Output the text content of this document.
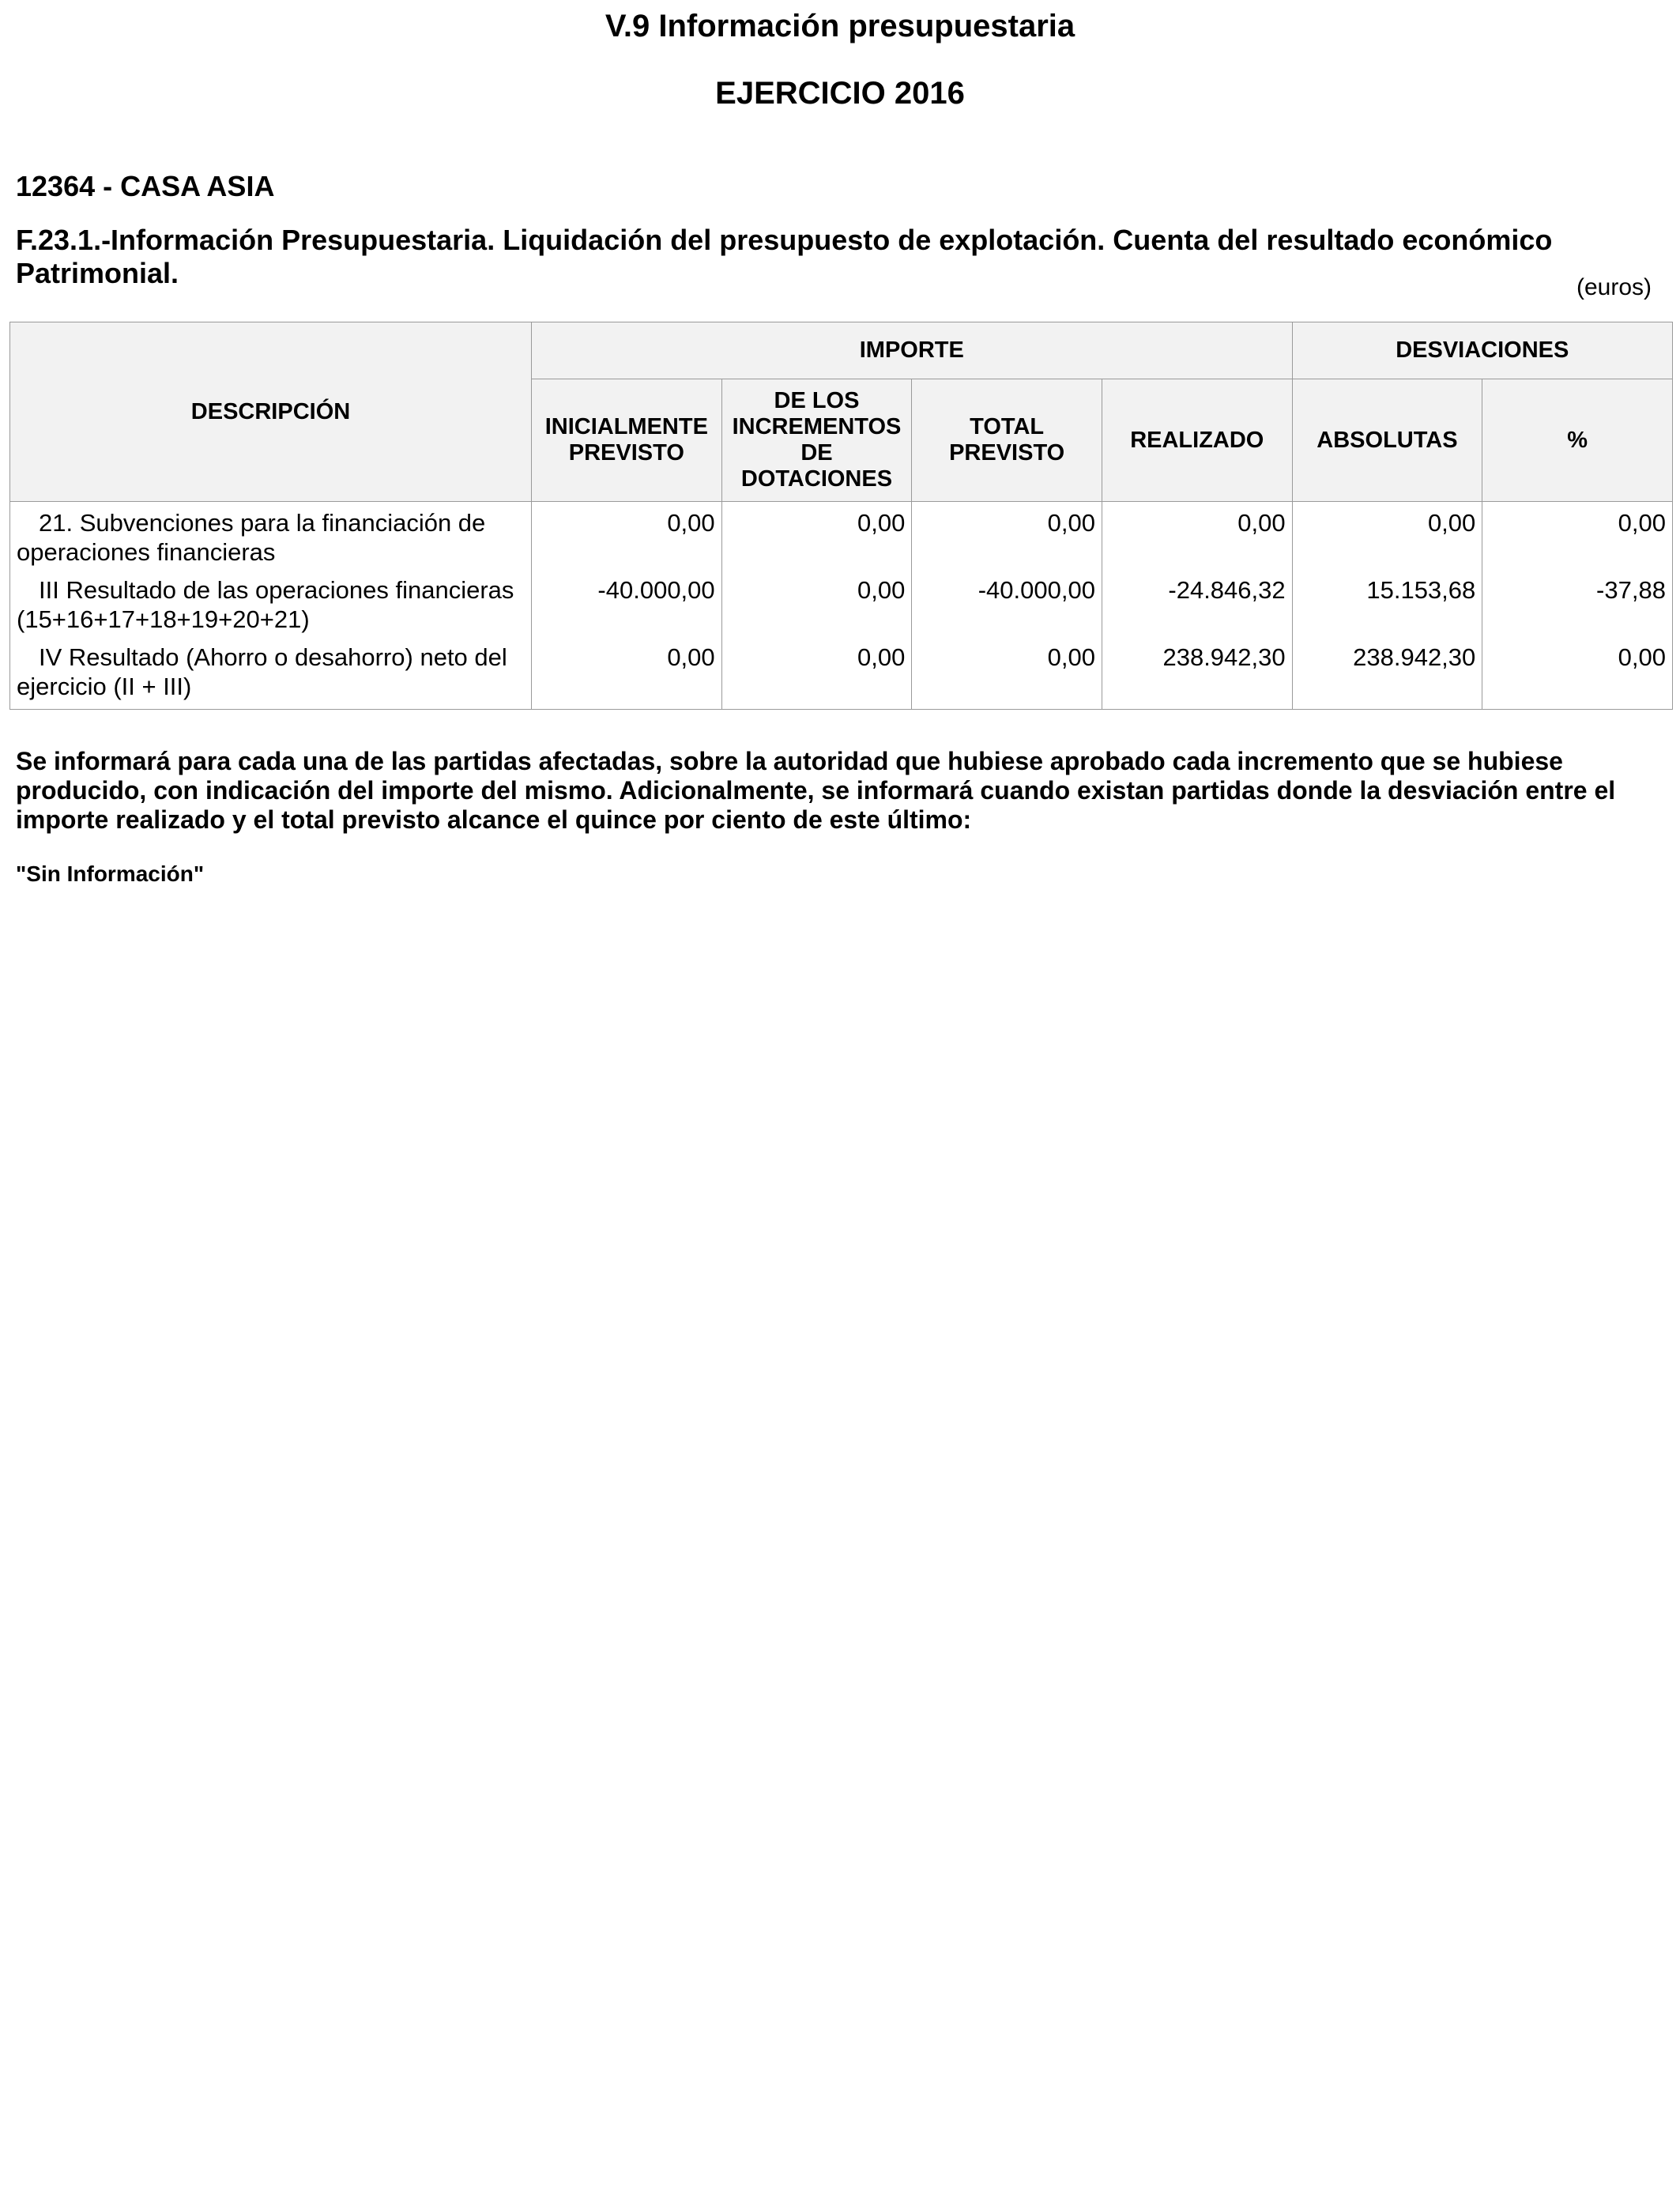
V.9 Información presupuestaria
EJERCICIO 2016
12364 - CASA ASIA
F.23.1.-Información Presupuestaria. Liquidación del presupuesto de explotación. Cuenta del resultado económico Patrimonial.	(euros)
DESCRIPCIÓN	IMPORTE				DESVIACIONES	
	INICIALMENTE PREVISTO	DE LOS INCREMENTOS DE DOTACIONES	TOTAL PREVISTO	REALIZADO	ABSOLUTAS	%
21. Subvenciones para la financiación de operaciones financieras	0,00	0,00	0,00	0,00	0,00	0,00
III Resultado de las operaciones financieras (15+16+17+18+19+20+21)	-40.000,00	0,00	-40.000,00	-24.846,32	15.153,68	-37,88
IV Resultado (Ahorro o desahorro) neto del ejercicio (II + III)	0,00	0,00	0,00	238.942,30	238.942,30	0,00
Se informará para cada una de las partidas afectadas, sobre la autoridad que hubiese aprobado cada incremento que se hubiese producido, con indicación del importe del mismo. Adicionalmente, se informará cuando existan partidas donde la desviación entre el importe realizado y el total previsto alcance el quince por ciento de este último:
"Sin Información"
